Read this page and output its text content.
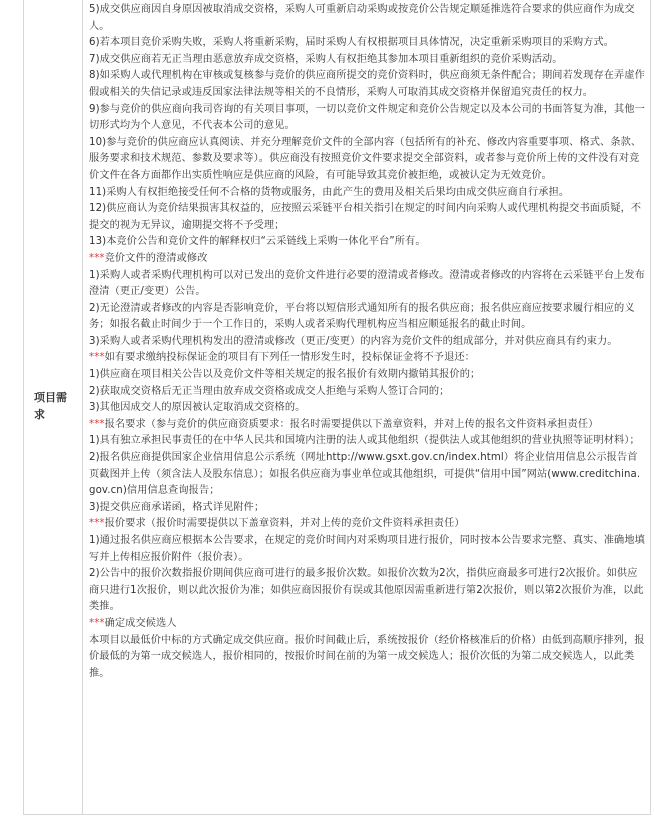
项目需求

5)成交供应商因自身原因被取消成交资格，采购人可重新启动采购或按竞价公告规定顺延推选符合要求的供应商作为成交人。

6)若本项目竞价采购失败，采购人将重新采购，届时采购人有权根据项目具体情况，决定重新采购项目的采购方式。

7)成交供应商若无正当理由恶意放弃成交资格，采购人有权拒绝其参加本项目重新组织的竞价采购活动。

8)如采购人或代理机构在审核或复核参与竞价的供应商所提交的竞价资料时，供应商须无条件配合；期间若发现存在弄虚作假或相关的失信记录或违反国家法律法规等相关的不良情形，采购人可取消其成交资格并保留追究责任的权力。

9)参与竞价的供应商向我司咨询的有关项目事项，一切以竞价文件规定和竞价公告规定以及本公司的书面答复为准，其他一切形式均为个人意见，不代表本公司的意见。

10)参与竞价的供应商应认真阅读、并充分理解竞价文件的全部内容（包括所有的补充、修改内容重要事项、格式、条款、服务要求和技术规范、参数及要求等）。供应商没有按照竞价文件要求提交全部资料，或者参与竞价所上传的文件没有对竞价文件在各方面都作出实质性响应是供应商的风险，有可能导致其竞价被拒绝，或被认定为无效竞价。

11)采购人有权拒绝接受任何不合格的货物或服务，由此产生的费用及相关后果均由成交供应商自行承担。

12)供应商认为竞价结果损害其权益的，应按照云采链平台相关指引在规定的时间内向采购人或代理机构提交书面质疑，不提交的视为无异议，逾期提交将不予受理；

13)本竞价公告和竞价文件的解释权归“云采链线上采购一体化平台”所有。

***竞价文件的澄清或修改

1)采购人或者采购代理机构可以对已发出的竞价文件进行必要的澄清或者修改。澄清或者修改的内容将在云采链平台上发布澄清（更正/变更）公告。

2)无论澄清或者修改的内容是否影响竞价，平台将以短信形式通知所有的报名供应商；报名供应商应按要求履行相应的义务；如报名截止时间少于一个工作日的，采购人或者采购代理机构应当相应顺延报名的截止时间。

3)采购人或者采购代理机构发出的澄清或修改（更正/变更）的内容为竞价文件的组成部分，并对供应商具有约束力。

***如有要求缴纳投标保证金的项目有下列任一情形发生时，投标保证金将不予退还：

1)供应商在项目相关公告以及竞价文件等相关规定的报名报价有效期内撤销其报价的；

2)获取成交资格后无正当理由放弃成交资格或成交人拒绝与采购人签订合同的；

3)其他因成交人的原因被认定取消成交资格的。

***报名要求（参与竞价的供应商资质要求：报名时需要提供以下盖章资料，并对上传的报名文件资料承担责任）

1)具有独立承担民事责任的在中华人民共和国境内注册的法人或其他组织（提供法人或其他组织的营业执照等证明材料）；

2)报名供应商提供国家企业信用信息公示系统（网址http://www.gsxt.gov.cn/index.html）将企业信用信息公示报告首页截图并上传（须含法人及股东信息）；如报名供应商为事业单位或其他组织，可提供“信用中国”网站(www.creditchina.gov.cn)信用信息查询报告；

3)提交供应商承诺函，格式详见附件；

***报价要求（报价时需要提供以下盖章资料，并对上传的竞价文件资料承担责任）

1)通过报名供应商应根据本公告要求，在规定的竞价时间内对采购项目进行报价，同时按本公告要求完整、真实、准确地填写并上传相应报价附件（报价表）。

2)公告中的报价次数指报价期间供应商可进行的最多报价次数。如报价次数为2次，指供应商最多可进行2次报价。如供应商只进行1次报价，则以此次报价为准；如供应商因报价有误或其他原因需重新进行第2次报价，则以第2次报价为准，以此类推。

***确定成交候选人

本项目以最低价中标的方式确定成交供应商。报价时间截止后，系统按报价（经价格核准后的价格）由低到高顺序排列，报价最低的为第一成交候选人，报价相同的，按报价时间在前的为第一成交候选人；报价次低的为第二成交候选人，以此类推。
